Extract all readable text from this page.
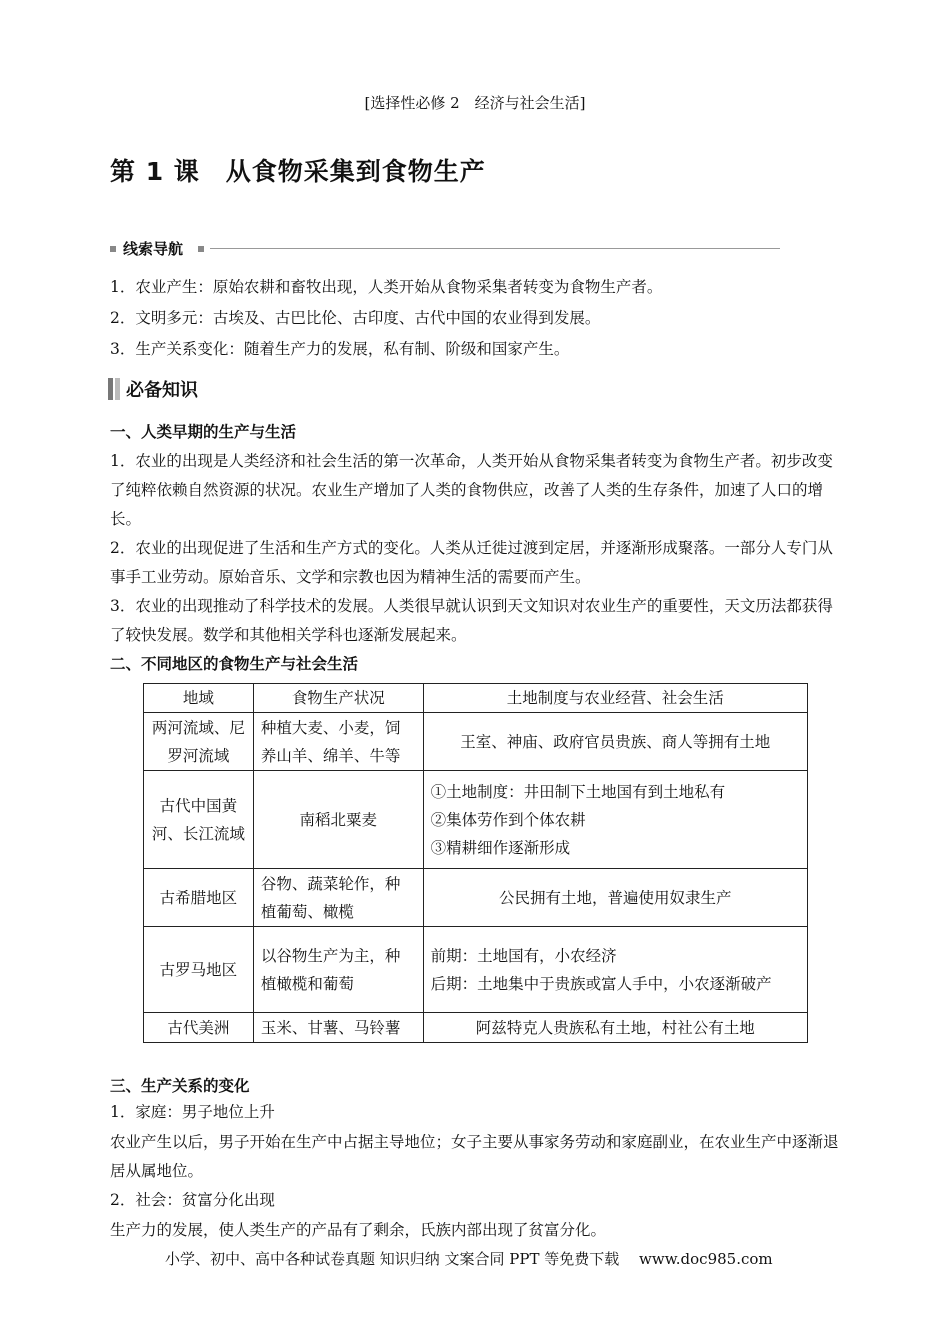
[选择性必修 2　经济与社会生活]
第 1 课　从食物采集到食物生产
线索导航
1．农业产生：原始农耕和畜牧出现，人类开始从食物采集者转变为食物生产者。
2．文明多元：古埃及、古巴比伦、古印度、古代中国的农业得到发展。
3．生产关系变化：随着生产力的发展，私有制、阶级和国家产生。
必备知识
一、人类早期的生产与生活
1．农业的出现是人类经济和社会生活的第一次革命，人类开始从食物采集者转变为食物生产者。初步改变了纯粹依赖自然资源的状况。农业生产增加了人类的食物供应，改善了人类的生存条件，加速了人口的增长。
2．农业的出现促进了生活和生产方式的变化。人类从迁徙过渡到定居，并逐渐形成聚落。一部分人专门从事手工业劳动。原始音乐、文学和宗教也因为精神生活的需要而产生。
3．农业的出现推动了科学技术的发展。人类很早就认识到天文知识对农业生产的重要性，天文历法都获得了较快发展。数学和其他相关学科也逐渐发展起来。
二、不同地区的食物生产与社会生活
地域	食物生产状况	土地制度与农业经营、社会生活
两河流域、尼罗河流域	种植大麦、小麦，饲养山羊、绵羊、牛等	王室、神庙、政府官员贵族、商人等拥有土地

古代中国黄河、长江流域	南稻北粟麦	①土地制度：井田制下土地国有到土地私有
②集体劳作到个体农耕
③精耕细作逐渐形成

古希腊地区	谷物、蔬菜轮作，种植葡萄、橄榄	公民拥有土地，普遍使用奴隶生产

古罗马地区	以谷物生产为主，种植橄榄和葡萄	前期：土地国有，小农经济
后期：土地集中于贵族或富人手中，小农逐渐破产

古代美洲	玉米、甘薯、马铃薯	阿兹特克人贵族私有土地，村社公有土地
三、生产关系的变化
1．家庭：男子地位上升
农业产生以后，男子开始在生产中占据主导地位；女子主要从事家务劳动和家庭副业，在农业生产中逐渐退居从属地位。
2．社会：贫富分化出现
生产力的发展，使人类生产的产品有了剩余，氏族内部出现了贫富分化。
小学、初中、高中各种试卷真题 知识归纳 文案合同 PPT 等免费下载　 www.doc985.com
